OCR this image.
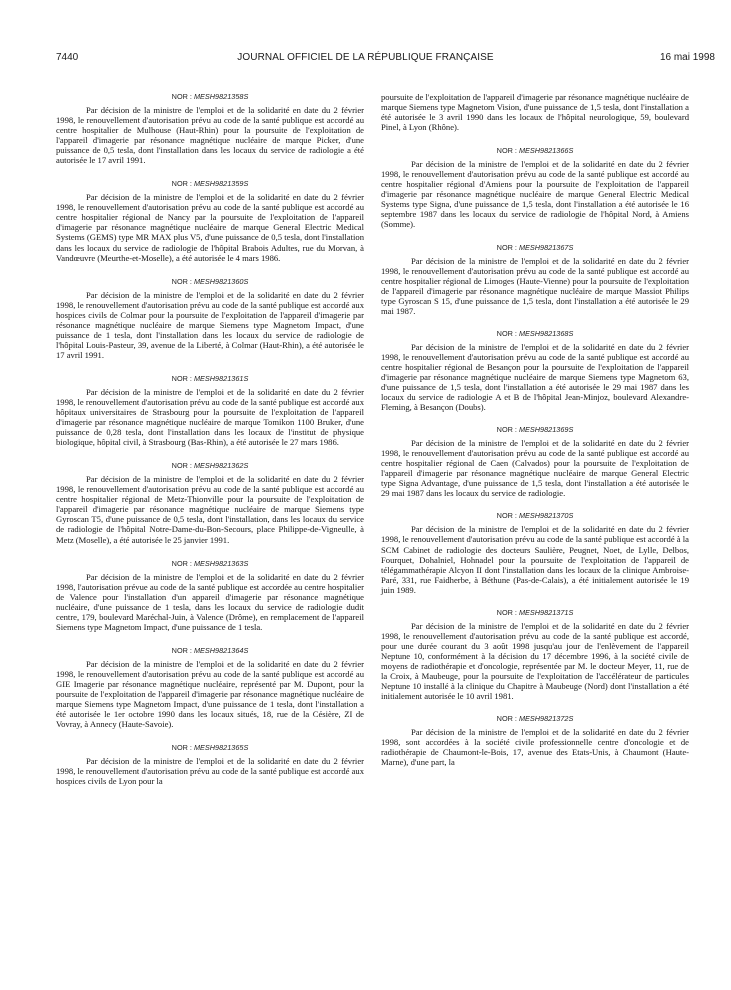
JOURNAL OFFICIEL DE LA RÉPUBLIQUE FRANÇAISE
7440	16 mai 1998
NOR : MESH9821358S

Par décision de la ministre de l'emploi et de la solidarité en date du 2 février 1998, le renouvellement d'autorisation prévu au code de la santé publique est accordé au centre hospitalier de Mulhouse (Haut-Rhin) pour la poursuite de l'exploitation de l'appareil d'imagerie par résonance magnétique nucléaire de marque Picker, d'une puissance de 0,5 tesla, dont l'installation dans les locaux du service de radiologie a été autorisée le 17 avril 1991.

NOR : MESH9821359S

Par décision de la ministre de l'emploi et de la solidarité en date du 2 février 1998, le renouvellement d'autorisation prévu au code de la santé publique est accordé au centre hospitalier régional de Nancy par la poursuite de l'exploitation de l'appareil d'imagerie par résonance magnétique nucléaire de marque General Electric Medical Systems (GEMS) type MR MAX plus V5, d'une puissance de 0,5 tesla, dont l'installation dans les locaux du service de radiologie de l'hôpital Brabois Adultes, rue du Morvan, à Vandœuvre (Meurthe-et-Moselle), a été autorisée le 4 mars 1986.

NOR : MESH9821360S

Par décision de la ministre de l'emploi et de la solidarité en date du 2 février 1998, le renouvellement d'autorisation prévu au code de la santé publique est accordé aux hospices civils de Colmar pour la poursuite de l'exploitation de l'appareil d'imagerie par résonance magnétique nucléaire de marque Siemens type Magnetom Impact, d'une puissance de 1 tesla, dont l'installation dans les locaux du service de radiologie de l'hôpital Louis-Pasteur, 39, avenue de la Liberté, à Colmar (Haut-Rhin), a été autorisée le 17 avril 1991.

NOR : MESH9821361S

Par décision de la ministre de l'emploi et de la solidarité en date du 2 février 1998, le renouvellement d'autorisation prévu au code de la santé publique est accordé aux hôpitaux universitaires de Strasbourg pour la poursuite de l'exploitation de l'appareil d'imagerie par résonance magnétique nucléaire de marque Tomikon 1100 Bruker, d'une puissance de 0,28 tesla, dont l'installation dans les locaux de l'institut de physique biologique, hôpital civil, à Strasbourg (Bas-Rhin), a été autorisée le 27 mars 1986.

NOR : MESH9821362S

Par décision de la ministre de l'emploi et de la solidarité en date du 2 février 1998, le renouvellement d'autorisation prévu au code de la santé publique est accordé au centre hospitalier régional de Metz-Thionville pour la poursuite de l'exploitation de l'appareil d'imagerie par résonance magnétique nucléaire de marque Siemens type Gyroscan T5, d'une puissance de 0,5 tesla, dont l'installation, dans les locaux du service de radiologie de l'hôpital Notre-Dame-du-Bon-Secours, place Philippe-de-Vigneulle, à Metz (Moselle), a été autorisée le 25 janvier 1991.

NOR : MESH9821363S

Par décision de la ministre de l'emploi et de la solidarité en date du 2 février 1998, l'autorisation prévue au code de la santé publique est accordée au centre hospitalier de Valence pour l'installation d'un appareil d'imagerie par résonance magnétique nucléaire, d'une puissance de 1 tesla, dans les locaux du service de radiologie dudit centre, 179, boulevard Maréchal-Juin, à Valence (Drôme), en remplacement de l'appareil Siemens type Magnetom Impact, d'une puissance de 1 tesla.

NOR : MESH9821364S

Par décision de la ministre de l'emploi et de la solidarité en date du 2 février 1998, le renouvellement d'autorisation prévu au code de la santé publique est accordé au GIE Imagerie par résonance magnétique nucléaire, représenté par M. Dupont, pour la poursuite de l'exploitation de l'appareil d'imagerie par résonance magnétique nucléaire de marque Siemens type Magnetom Impact, d'une puissance de 1 tesla, dont l'installation a été autorisée le 1er octobre 1990 dans les locaux situés, 18, rue de la Césière, ZI de Vovray, à Annecy (Haute-Savoie).

NOR : MESH9821365S

Par décision de la ministre de l'emploi et de la solidarité en date du 2 février 1998, le renouvellement d'autorisation prévu au code de la santé publique est accordé aux hospices civils de Lyon pour la

poursuite de l'exploitation de l'appareil d'imagerie par résonance magnétique nucléaire de marque Siemens type Magnetom Vision, d'une puissance de 1,5 tesla, dont l'installation a été autorisée le 3 avril 1990 dans les locaux de l'hôpital neurologique, 59, boulevard Pinel, à Lyon (Rhône).

NOR : MESH9821366S

Par décision de la ministre de l'emploi et de la solidarité en date du 2 février 1998, le renouvellement d'autorisation prévu au code de la santé publique est accordé au centre hospitalier régional d'Amiens pour la poursuite de l'exploitation de l'appareil d'imagerie par résonance magnétique nucléaire de marque General Electric Medical Systems type Signa, d'une puissance de 1,5 tesla, dont l'installation a été autorisée le 16 septembre 1987 dans les locaux du service de radiologie de l'hôpital Nord, à Amiens (Somme).

NOR : MESH9821367S

Par décision de la ministre de l'emploi et de la solidarité en date du 2 février 1998, le renouvellement d'autorisation prévu au code de la santé publique est accordé au centre hospitalier régional de Limoges (Haute-Vienne) pour la poursuite de l'exploitation de l'appareil d'imagerie par résonance magnétique nucléaire de marque Massiot Philips type Gyroscan S 15, d'une puissance de 1,5 tesla, dont l'installation a été autorisée le 29 mai 1987.

NOR : MESH9821368S

Par décision de la ministre de l'emploi et de la solidarité en date du 2 février 1998, le renouvellement d'autorisation prévu au code de la santé publique est accordé au centre hospitalier régional de Besançon pour la poursuite de l'exploitation de l'appareil d'imagerie par résonance magnétique nucléaire de marque Siemens type Magnetom 63, d'une puissance de 1,5 tesla, dont l'installation a été autorisée le 29 mai 1987 dans les locaux du service de radiologie A et B de l'hôpital Jean-Minjoz, boulevard Alexandre-Fleming, à Besançon (Doubs).

NOR : MESH9821369S

Par décision de la ministre de l'emploi et de la solidarité en date du 2 février 1998, le renouvellement d'autorisation prévu au code de la santé publique est accordé au centre hospitalier régional de Caen (Calvados) pour la poursuite de l'exploitation de l'appareil d'imagerie par résonance magnétique nucléaire de marque General Electric type Signa Advantage, d'une puissance de 1,5 tesla, dont l'installation a été autorisée le 29 mai 1987 dans les locaux du service de radiologie.

NOR : MESH9821370S

Par décision de la ministre de l'emploi et de la solidarité en date du 2 février 1998, le renouvellement d'autorisation prévu au code de la santé publique est accordé à la SCM Cabinet de radiologie des docteurs Saulière, Peugnet, Noet, de Lylle, Delbos, Fourquet, Dohalniel, Hohnadel pour la poursuite de l'exploitation de l'appareil de télégammathérapie Alcyon II dont l'installation dans les locaux de la clinique Ambroise-Paré, 331, rue Faidherbe, à Béthune (Pas-de-Calais), a été initialement autorisée le 19 juin 1989.

NOR : MESH9821371S

Par décision de la ministre de l'emploi et de la solidarité en date du 2 février 1998, le renouvellement d'autorisation prévu au code de la santé publique est accordé, pour une durée courant du 3 août 1998 jusqu'au jour de l'enlèvement de l'appareil Neptune 10, conformément à la décision du 17 décembre 1996, à la société civile de moyens de radiothérapie et d'oncologie, représentée par M. le docteur Meyer, 11, rue de la Croix, à Maubeuge, pour la poursuite de l'exploitation de l'accélérateur de particules Neptune 10 installé à la clinique du Chapitre à Maubeuge (Nord) dont l'installation a été initialement autorisée le 10 avril 1981.

NOR : MESH9821372S

Par décision de la ministre de l'emploi et de la solidarité en date du 2 février 1998, sont accordées à la société civile professionnelle centre d'oncologie et de radiothérapie de Chaumont-le-Bois, 17, avenue des Etats-Unis, à Chaumont (Haute-Marne), d'une part, la
